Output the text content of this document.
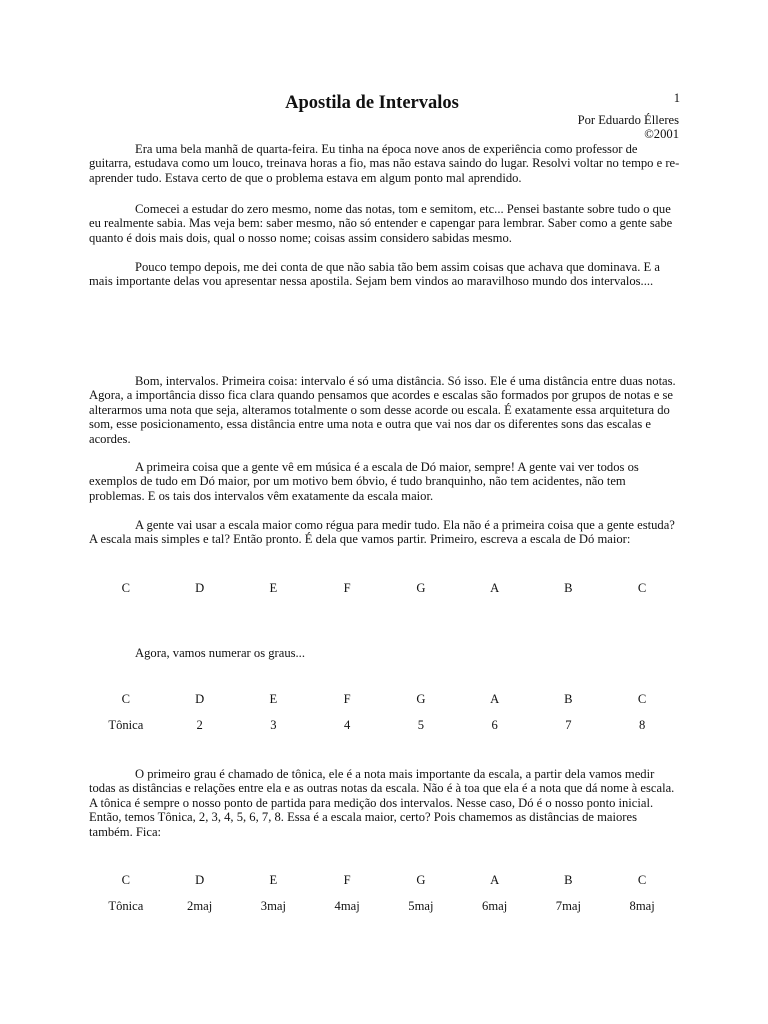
1
Apostila de Intervalos
Por Eduardo Élleres
©2001

Era uma bela manhã de quarta-feira. Eu tinha na época nove anos de experiência como professor de guitarra, estudava como um louco, treinava horas a fio, mas não estava saindo do lugar. Resolvi voltar no tempo e re-aprender tudo. Estava certo de que o problema estava em algum ponto mal aprendido.

Comecei a estudar do zero mesmo, nome das notas, tom e semitom, etc... Pensei bastante sobre tudo o que eu realmente sabia. Mas veja bem: saber mesmo, não só entender e capengar para lembrar. Saber como a gente sabe quanto é dois mais dois, qual o nosso nome; coisas assim considero sabidas mesmo.

Pouco tempo depois, me dei conta de que não sabia tão bem assim coisas que achava que dominava. E a mais importante delas vou apresentar nessa apostila. Sejam bem vindos ao maravilhoso mundo dos intervalos....

Bom, intervalos. Primeira coisa: intervalo é só uma distância. Só isso. Ele é uma distância entre duas notas. Agora, a importância disso fica clara quando pensamos que acordes e escalas são formados por grupos de notas e se alterarmos uma nota que seja, alteramos totalmente o som desse acorde ou escala. É exatamente essa arquitetura do som, esse posicionamento, essa distância entre uma nota e outra que vai nos dar os diferentes sons das escalas e acordes.

A primeira coisa que a gente vê em música é a escala de Dó maior, sempre! A gente vai ver todos os exemplos de tudo em Dó maior, por um motivo bem óbvio, é tudo branquinho, não tem acidentes, não tem problemas. E os tais dos intervalos vêm exatamente da escala maior.

A gente vai usar a escala maior como régua para medir tudo. Ela não é a primeira coisa que a gente estuda? A escala mais simples e tal? Então pronto. É dela que vamos partir. Primeiro, escreva a escala de Dó maior:

C	D	E	F	G	A	B	C

Agora, vamos numerar os graus...

C	D	E	F	G	A	B	C
Tônica	2	3	4	5	6	7	8

O primeiro grau é chamado de tônica, ele é a nota mais importante da escala, a partir dela vamos medir todas as distâncias e relações entre ela e as outras notas da escala. Não é à toa que ela é a nota que dá nome à escala. A tônica é sempre o nosso ponto de partida para medição dos intervalos. Nesse caso, Dó é o nosso ponto inicial. Então, temos Tônica, 2, 3, 4, 5, 6, 7, 8. Essa é a escala maior, certo? Pois chamemos as distâncias de maiores também. Fica:

C	D	E	F	G	A	B	C
Tônica	2maj	3maj	4maj	5maj	6maj	7maj	8maj
